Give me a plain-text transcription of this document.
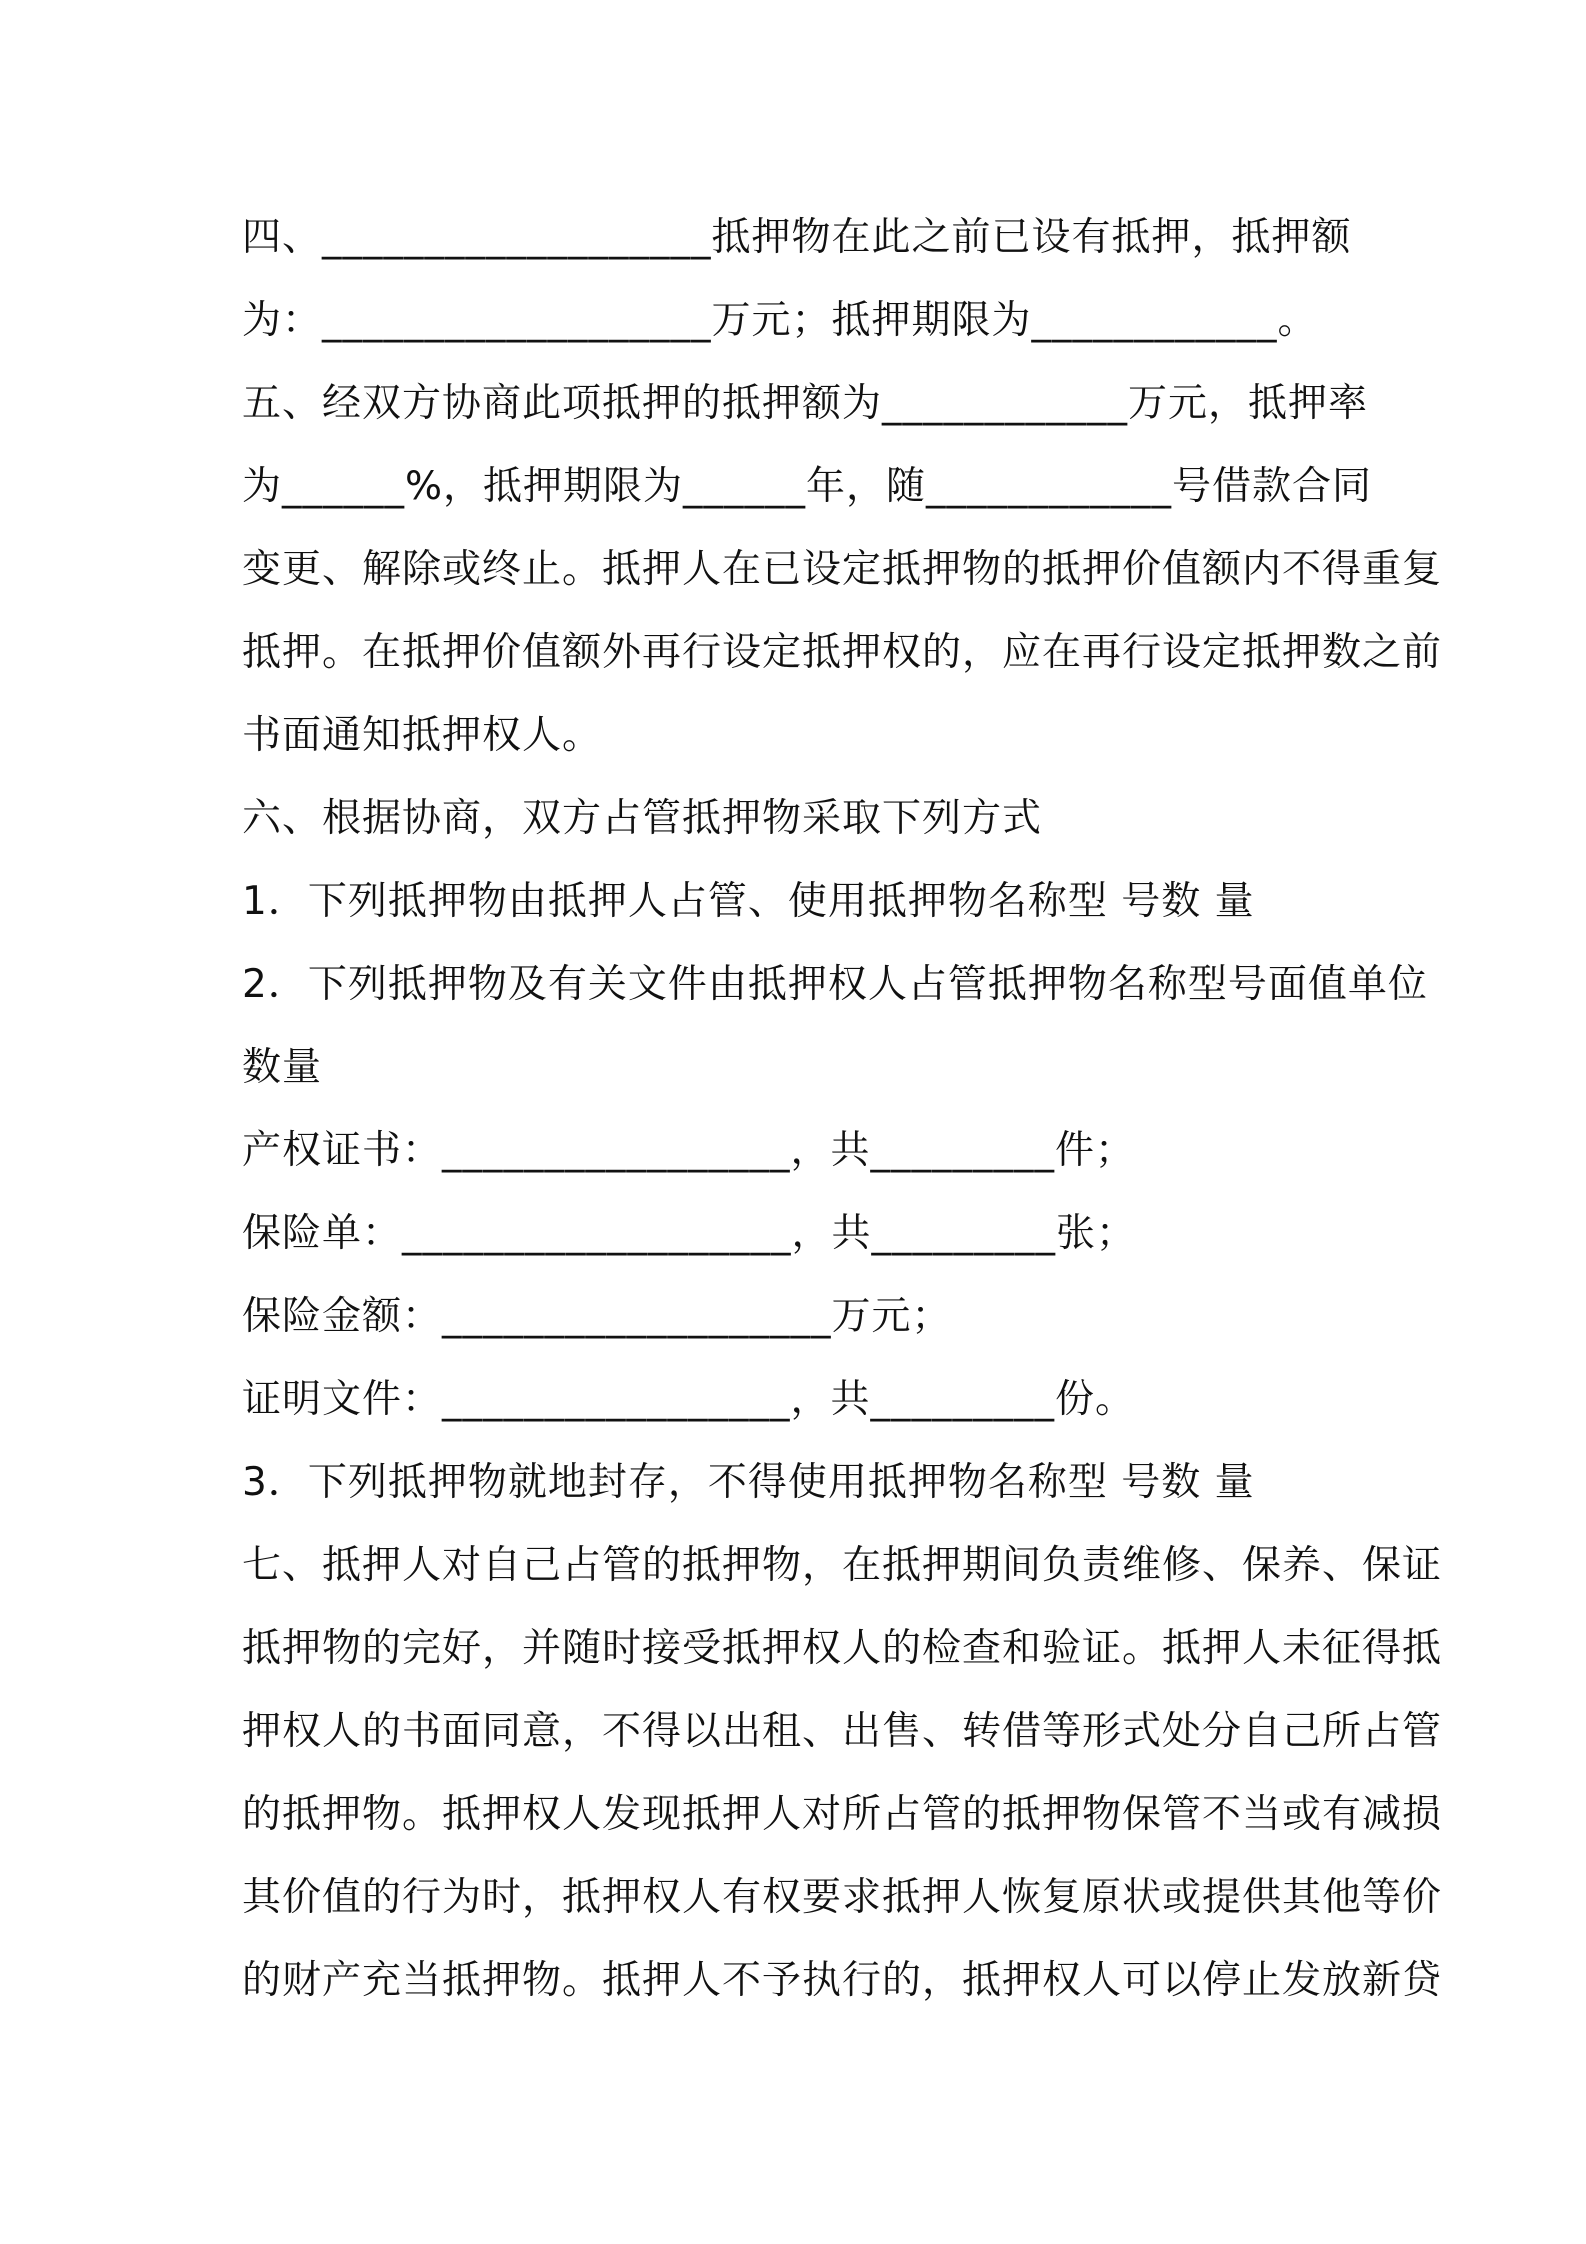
四、___________________抵押物在此之前已设有抵押，抵押额
为：___________________万元；抵押期限为____________。
五、经双方协商此项抵押的抵押额为____________万元，抵押率
为______%，抵押期限为______年，随____________号借款合同
变更、解除或终止。抵押人在已设定抵押物的抵押价值额内不得重复
抵押。在抵押价值额外再行设定抵押权的，应在再行设定抵押数之前
书面通知抵押权人。
六、根据协商，双方占管抵押物采取下列方式
1．下列抵押物由抵押人占管、使用抵押物名称型 号数 量
2．下列抵押物及有关文件由抵押权人占管抵押物名称型号面值单位
数量
产权证书：_________________，共_________件；
保险单：___________________，共_________张；
保险金额：___________________万元；
证明文件：_________________，共_________份。
3．下列抵押物就地封存，不得使用抵押物名称型 号数 量
七、抵押人对自己占管的抵押物，在抵押期间负责维修、保养、保证
抵押物的完好，并随时接受抵押权人的检查和验证。抵押人未征得抵
押权人的书面同意，不得以出租、出售、转借等形式处分自己所占管
的抵押物。抵押权人发现抵押人对所占管的抵押物保管不当或有减损
其价值的行为时，抵押权人有权要求抵押人恢复原状或提供其他等价
的财产充当抵押物。抵押人不予执行的，抵押权人可以停止发放新贷
